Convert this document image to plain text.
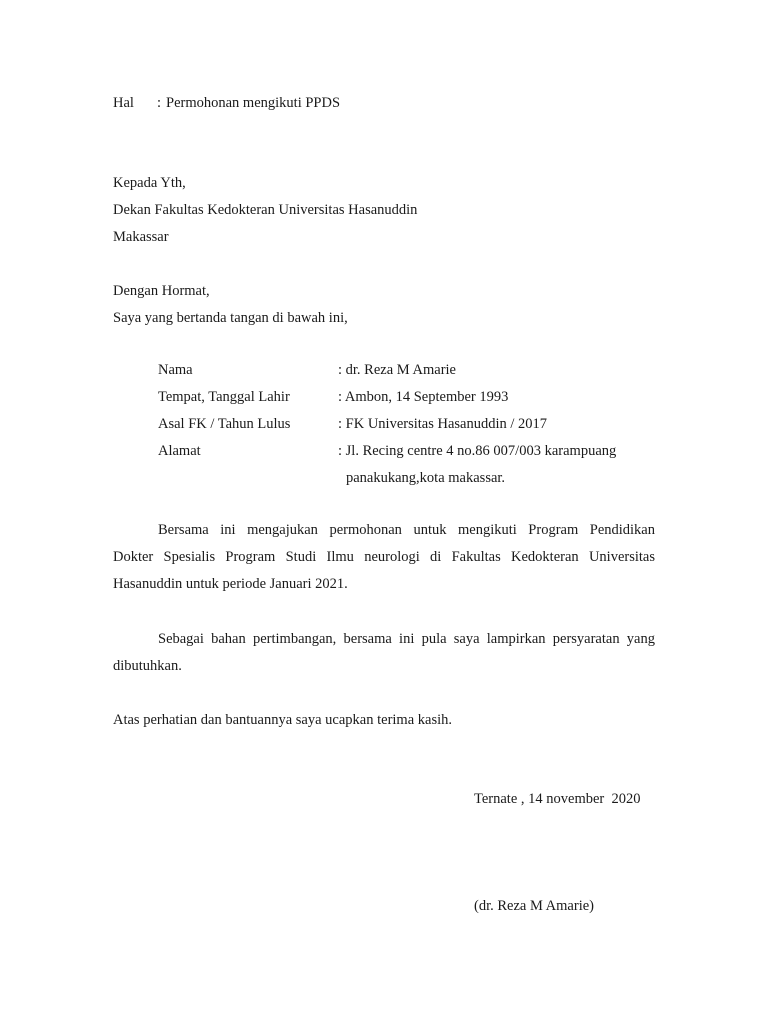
Hal : Permohonan mengikuti PPDS
Kepada Yth,
Dekan Fakultas Kedokteran Universitas Hasanuddin
Makassar
Dengan Hormat,
Saya yang bertanda tangan di bawah ini,
Nama	: dr. Reza M Amarie
Tempat, Tanggal Lahir	: Ambon, 14 September 1993
Asal FK / Tahun Lulus	: FK Universitas Hasanuddin / 2017
Alamat	: Jl. Recing centre 4 no.86 007/003 karampuang
panakukang,kota makassar.
Bersama ini mengajukan permohonan untuk mengikuti Program Pendidikan
Dokter Spesialis Program Studi Ilmu neurologi di Fakultas Kedokteran Universitas
Hasanuddin untuk periode Januari 2021.
Sebagai bahan pertimbangan, bersama ini pula saya lampirkan persyaratan yang
dibutuhkan.
Atas perhatian dan bantuannya saya ucapkan terima kasih.
Ternate , 14 november  2020
(dr. Reza M Amarie)
